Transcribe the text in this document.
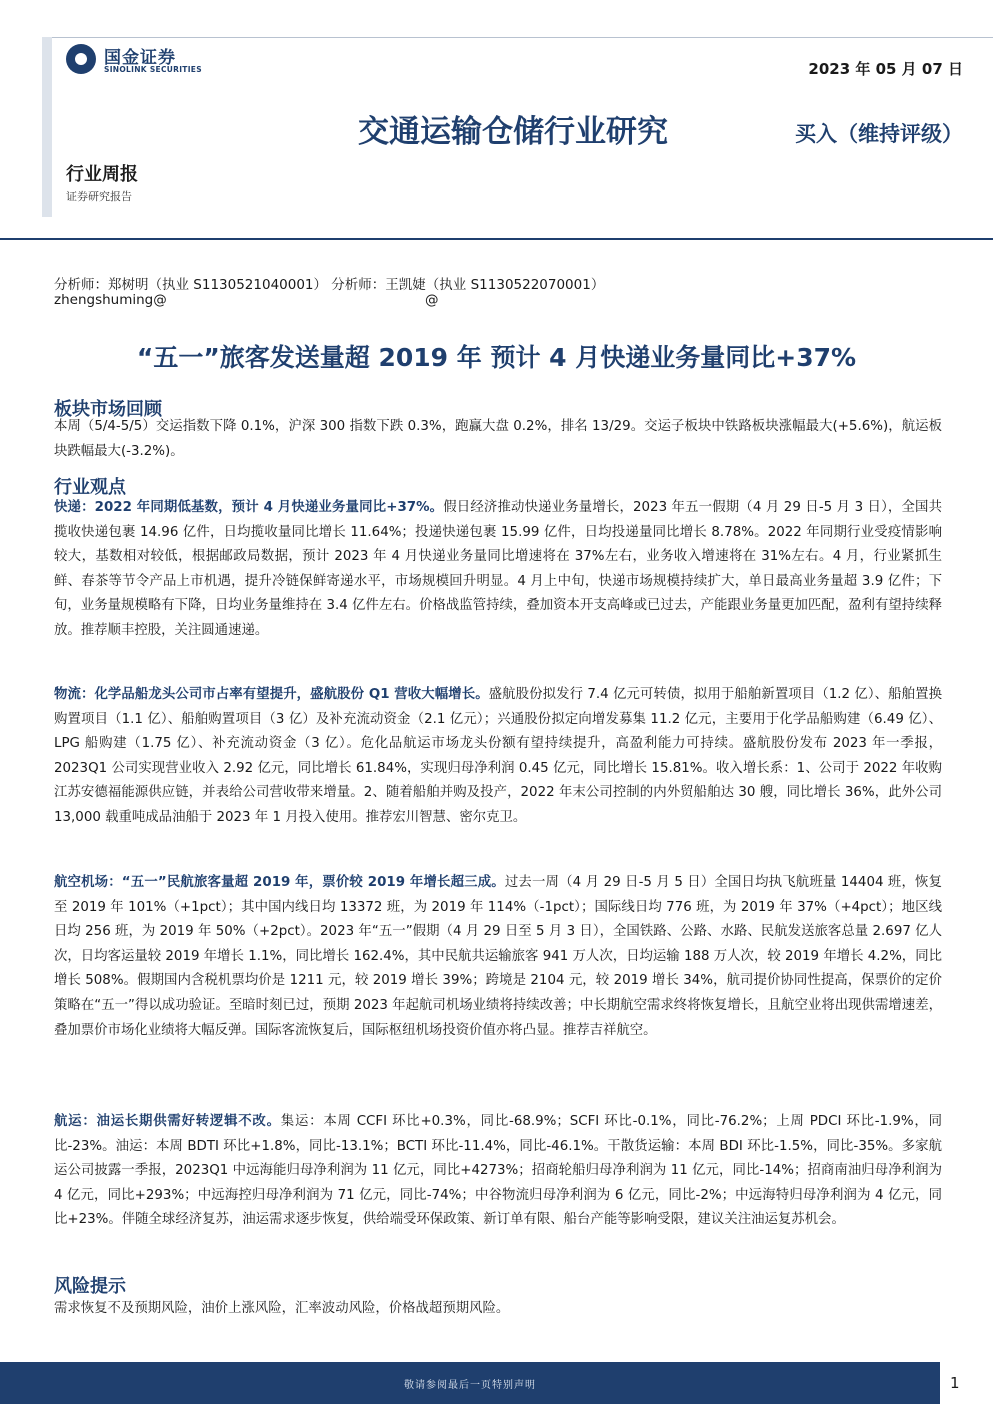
国金证券
SINOLINK SECURITIES	2023 年 05 月 07 日
交通运输仓储行业研究	买入（维持评级）
行业周报
证券研究报告
分析师：郑树明（执业 S1130521040001） 分析师：王凯婕（执业 S1130522070001）
zhengshuming@	@
“五一”旅客发送量超 2019 年 预计 4 月快递业务量同比+37%
板块市场回顾

本周（5/4-5/5）交运指数下降 0.1%，沪深 300 指数下跌 0.3%，跑赢大盘 0.2%，排名 13/29。交运子板块中铁路板块涨幅最大(+5.6%)，航运板块跌幅最大(-3.2%)。

行业观点

快递：2022 年同期低基数，预计 4 月快递业务量同比+37%。假日经济推动快递业务量增长，2023 年五一假期（4 月 29 日-5 月 3 日），全国共揽收快递包裹 14.96 亿件，日均揽收量同比增长 11.64%；投递快递包裹 15.99 亿件，日均投递量同比增长 8.78%。2022 年同期行业受疫情影响较大，基数相对较低，根据邮政局数据，预计 2023 年 4 月快递业务量同比增速将在 37%左右，业务收入增速将在 31%左右。4 月，行业紧抓生鲜、春茶等节令产品上市机遇，提升冷链保鲜寄递水平，市场规模回升明显。4 月上中旬，快递市场规模持续扩大，单日最高业务量超 3.9 亿件；下旬，业务量规模略有下降，日均业务量维持在 3.4 亿件左右。价格战监管持续，叠加资本开支高峰或已过去，产能跟业务量更加匹配，盈利有望持续释放。推荐顺丰控股，关注圆通速递。

物流：化学品船龙头公司市占率有望提升，盛航股份 Q1 营收大幅增长。盛航股份拟发行 7.4 亿元可转债，拟用于船舶新置项目（1.2 亿）、船舶置换购置项目（1.1 亿）、船舶购置项目（3 亿）及补充流动资金（2.1 亿元）；兴通股份拟定向增发募集 11.2 亿元，主要用于化学品船购建（6.49 亿）、LPG 船购建（1.75 亿）、补充流动资金（3 亿）。危化品航运市场龙头份额有望持续提升，高盈利能力可持续。盛航股份发布 2023 年一季报，2023Q1 公司实现营业收入 2.92 亿元，同比增长 61.84%，实现归母净利润 0.45 亿元，同比增长 15.81%。收入增长系：1、公司于 2022 年收购江苏安德福能源供应链，并表给公司营收带来增量。2、随着船舶并购及投产，2022 年末公司控制的内外贸船舶达 30 艘，同比增长 36%，此外公司 13,000 载重吨成品油船于 2023 年 1 月投入使用。推荐宏川智慧、密尔克卫。

航空机场：“五一”民航旅客量超 2019 年，票价较 2019 年增长超三成。过去一周（4 月 29 日-5 月 5 日）全国日均执飞航班量 14404 班，恢复至 2019 年 101%（+1pct）；其中国内线日均 13372 班，为 2019 年 114%（-1pct）；国际线日均 776 班，为 2019 年 37%（+4pct）；地区线日均 256 班，为 2019 年 50%（+2pct）。2023 年“五一”假期（4 月 29 日至 5 月 3 日），全国铁路、公路、水路、民航发送旅客总量 2.697 亿人次，日均客运量较 2019 年增长 1.1%，同比增长 162.4%，其中民航共运输旅客 941 万人次，日均运输 188 万人次，较 2019 年增长 4.2%，同比增长 508%。假期国内含税机票均价是 1211 元，较 2019 增长 39%；跨境是 2104 元，较 2019 增长 34%，航司提价协同性提高，保票价的定价策略在“五一”得以成功验证。至暗时刻已过，预期 2023 年起航司机场业绩将持续改善；中长期航空需求终将恢复增长，且航空业将出现供需增速差，叠加票价市场化业绩将大幅反弹。国际客流恢复后，国际枢纽机场投资价值亦将凸显。推荐吉祥航空。

航运：油运长期供需好转逻辑不改。集运：本周 CCFI 环比+0.3%，同比-68.9%；SCFI 环比-0.1%，同比-76.2%；上周 PDCI 环比-1.9%，同比-23%。油运：本周 BDTI 环比+1.8%，同比-13.1%；BCTI 环比-11.4%，同比-46.1%。干散货运输：本周 BDI 环比-1.5%，同比-35%。多家航运公司披露一季报，2023Q1 中远海能归母净利润为 11 亿元，同比+4273%；招商轮船归母净利润为 11 亿元，同比-14%；招商南油归母净利润为 4 亿元，同比+293%；中远海控归母净利润为 71 亿元，同比-74%；中谷物流归母净利润为 6 亿元，同比-2%；中远海特归母净利润为 4 亿元，同比+23%。伴随全球经济复苏，油运需求逐步恢复，供给端受环保政策、新订单有限、船台产能等影响受限，建议关注油运复苏机会。

风险提示

需求恢复不及预期风险，油价上涨风险，汇率波动风险，价格战超预期风险。

敬请参阅最后一页特别声明	1
